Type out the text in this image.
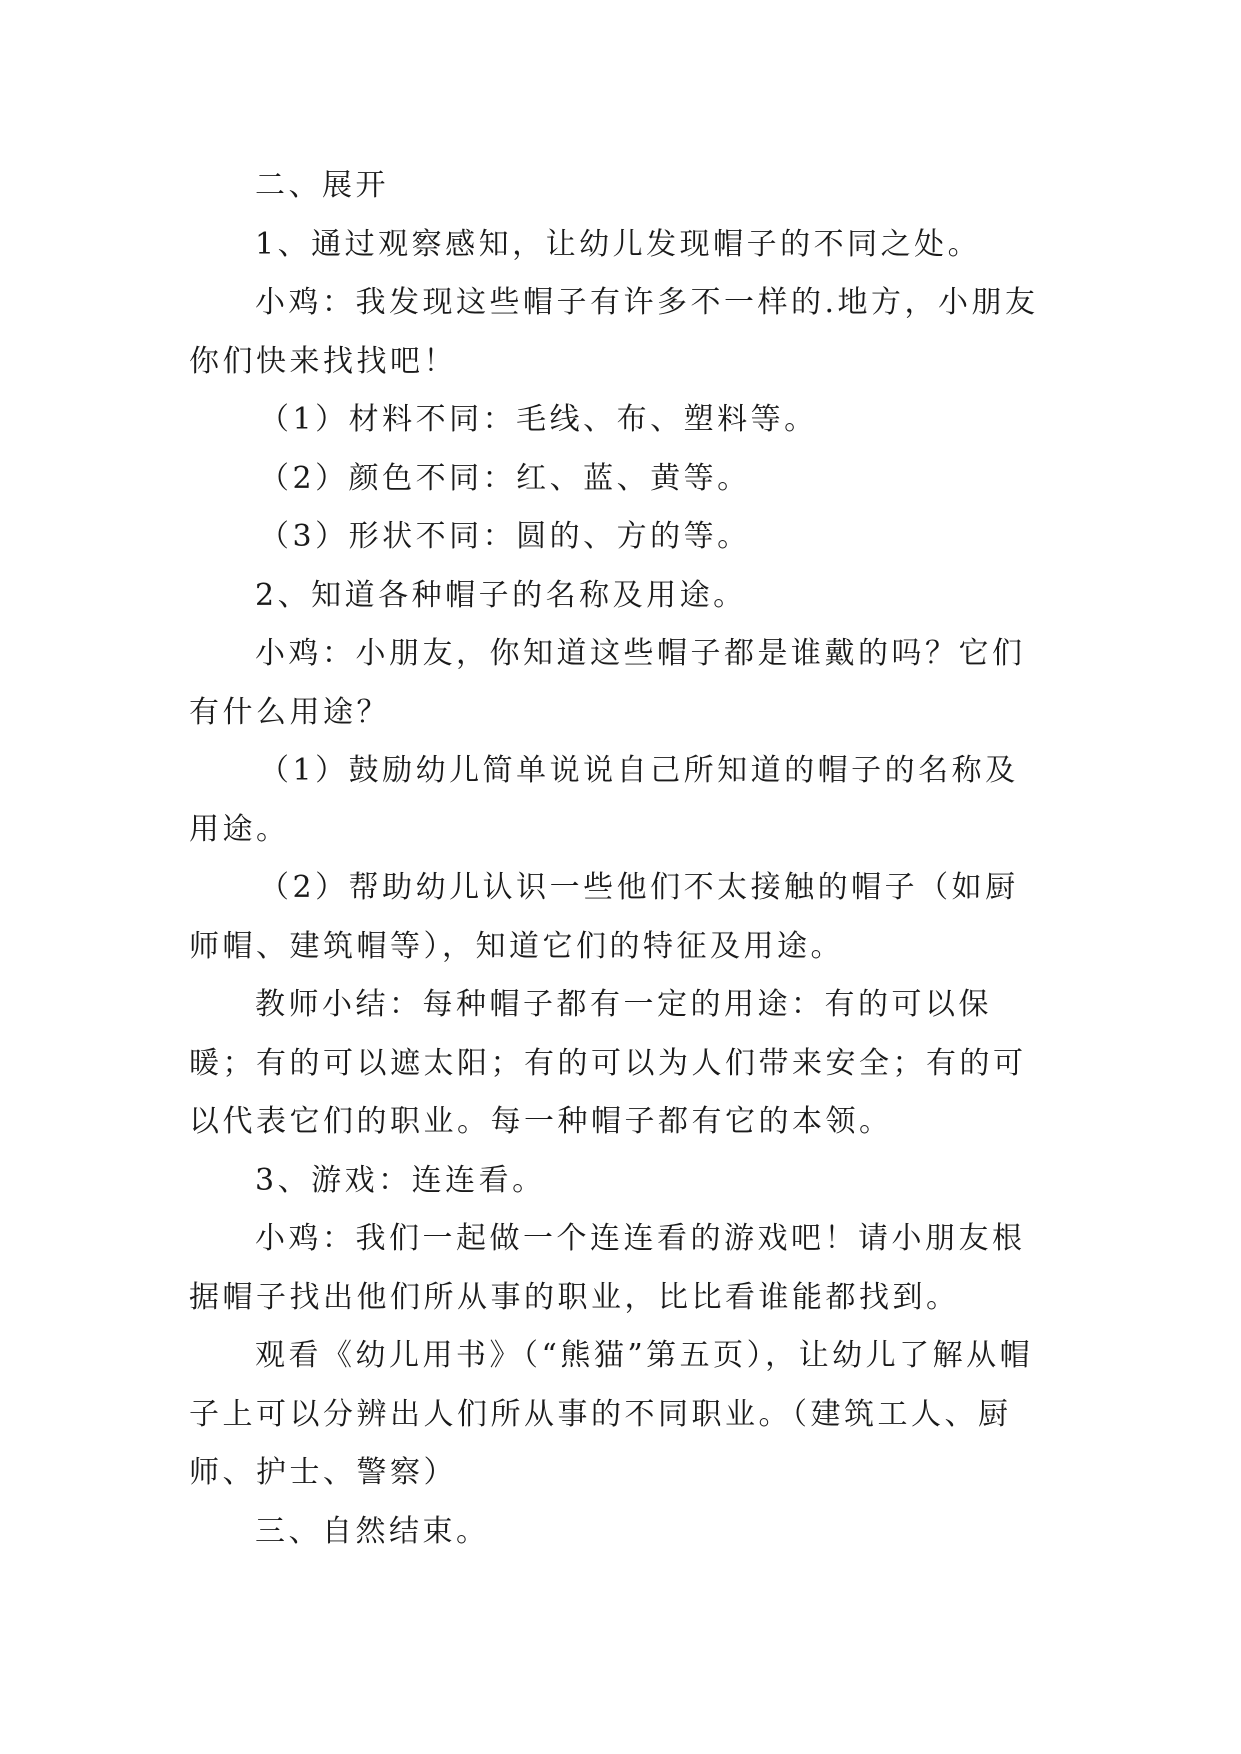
二、展开

1、通过观察感知，让幼儿发现帽子的不同之处。

小鸡：我发现这些帽子有许多不一样的.地方，小朋友你们快来找找吧！

（1）材料不同：毛线、布、塑料等。

（2）颜色不同：红、蓝、黄等。

（3）形状不同：圆的、方的等。

2、知道各种帽子的名称及用途。

小鸡：小朋友，你知道这些帽子都是谁戴的吗？它们有什么用途？

（1）鼓励幼儿简单说说自己所知道的帽子的名称及用途。

（2）帮助幼儿认识一些他们不太接触的帽子（如厨师帽、建筑帽等），知道它们的特征及用途。

教师小结：每种帽子都有一定的用途：有的可以保暖；有的可以遮太阳；有的可以为人们带来安全；有的可以代表它们的职业。每一种帽子都有它的本领。

3、游戏：连连看。

小鸡：我们一起做一个连连看的游戏吧！请小朋友根据帽子找出他们所从事的职业，比比看谁能都找到。

观看《幼儿用书》（“熊猫”第五页），让幼儿了解从帽子上可以分辨出人们所从事的不同职业。（建筑工人、厨师、护士、警察）

三、自然结束。
